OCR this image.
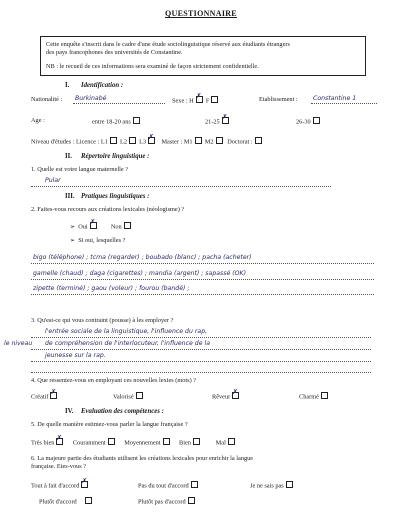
QUESTIONNAIRE
Cette enquête s'inscrit dans le cadre d'une étude sociolinguistique réservé aux étudiants étrangers
des pays francophones des universités de Constantine.
NB : le recueil de ces informations sera examiné de façon strictement confidentielle.
I. Identification :
Nationalité : Burkinabé	Sexe : H ✗ F	Etablissement : Constantine 1
Age :	entre 18-20 ans	21-25 ✗	26-30
Niveau d'études : Licence : L1 L2 L3 ✗ Master : M1 M2 Doctorat :
II. Répertoire linguistique :
1. Quelle est votre langue maternelle ?
Pular
III. Pratiques linguistiques :
2. Faites-vous recours aux créations lexicales (néologisme) ?
➢ Oui ✗	Non
➢ Si oui, lesquelles ?
bigo (téléphone) ; tcma (regarder) ; boubado (blanc) ; pacha (acheter)
gamelle (chaud) ; daga (cigarettes) ; mandia (argent) ; sapassé (OK)
zipette (terminé) ; gaou (voleur) ; fourou (bandé) ;
3. Qu'est-ce qui vous contraint (pousse) à les employer ?
l'entrée sociale de la linguistique, l'influence du rap,
le niveau de compréhension de l'interlocuteur, l'influence de la
jeunesse sur la rap.
4. Que ressentez-vous en employant ces nouvelles lexies (mots) ?
Créatif ✗	Valorisé	Rêveur ✗	Charmé
IV. Evaluation des compétences :
5. De quelle manière estimez-vous parler la langue française ?
Très bien ✗	Couramment	Moyennement	Bien	Mal
6. La majeure partie des étudiants utilisent les créations lexicales pour enrichir la langue
française. Etes-vous ?
Tout à fait d'accord ✗	Pas du tout d'accord	Je ne sais pas
Plutôt d'accord	Plutôt pas d'accord
